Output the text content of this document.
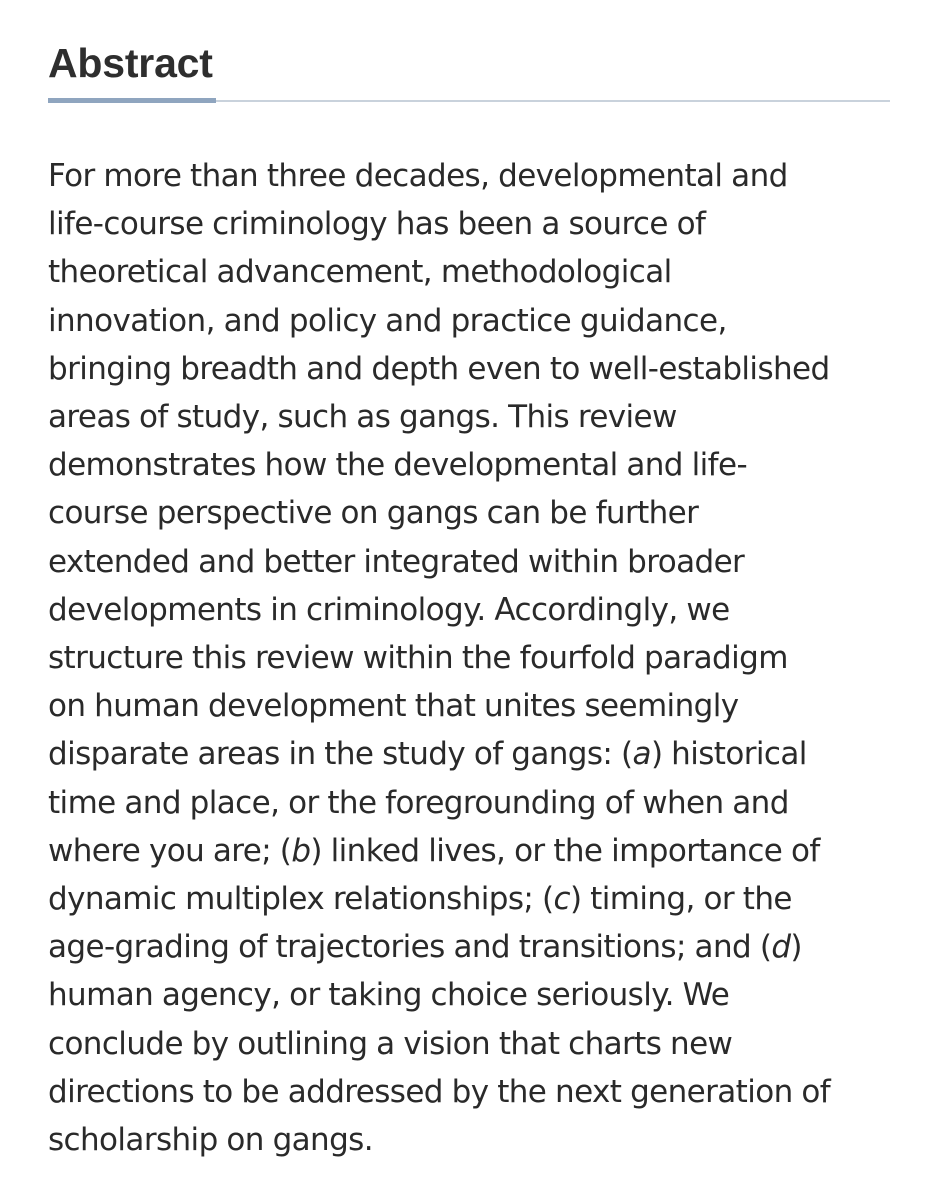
Abstract

For more than three decades, developmental and
life-course criminology has been a source of
theoretical advancement, methodological
innovation, and policy and practice guidance,
bringing breadth and depth even to well-established
areas of study, such as gangs. This review
demonstrates how the developmental and life-
course perspective on gangs can be further
extended and better integrated within broader
developments in criminology. Accordingly, we
structure this review within the fourfold paradigm
on human development that unites seemingly
disparate areas in the study of gangs: (a) historical
time and place, or the foregrounding of when and
where you are; (b) linked lives, or the importance of
dynamic multiplex relationships; (c) timing, or the
age-grading of trajectories and transitions; and (d)
human agency, or taking choice seriously. We
conclude by outlining a vision that charts new
directions to be addressed by the next generation of
scholarship on gangs.
